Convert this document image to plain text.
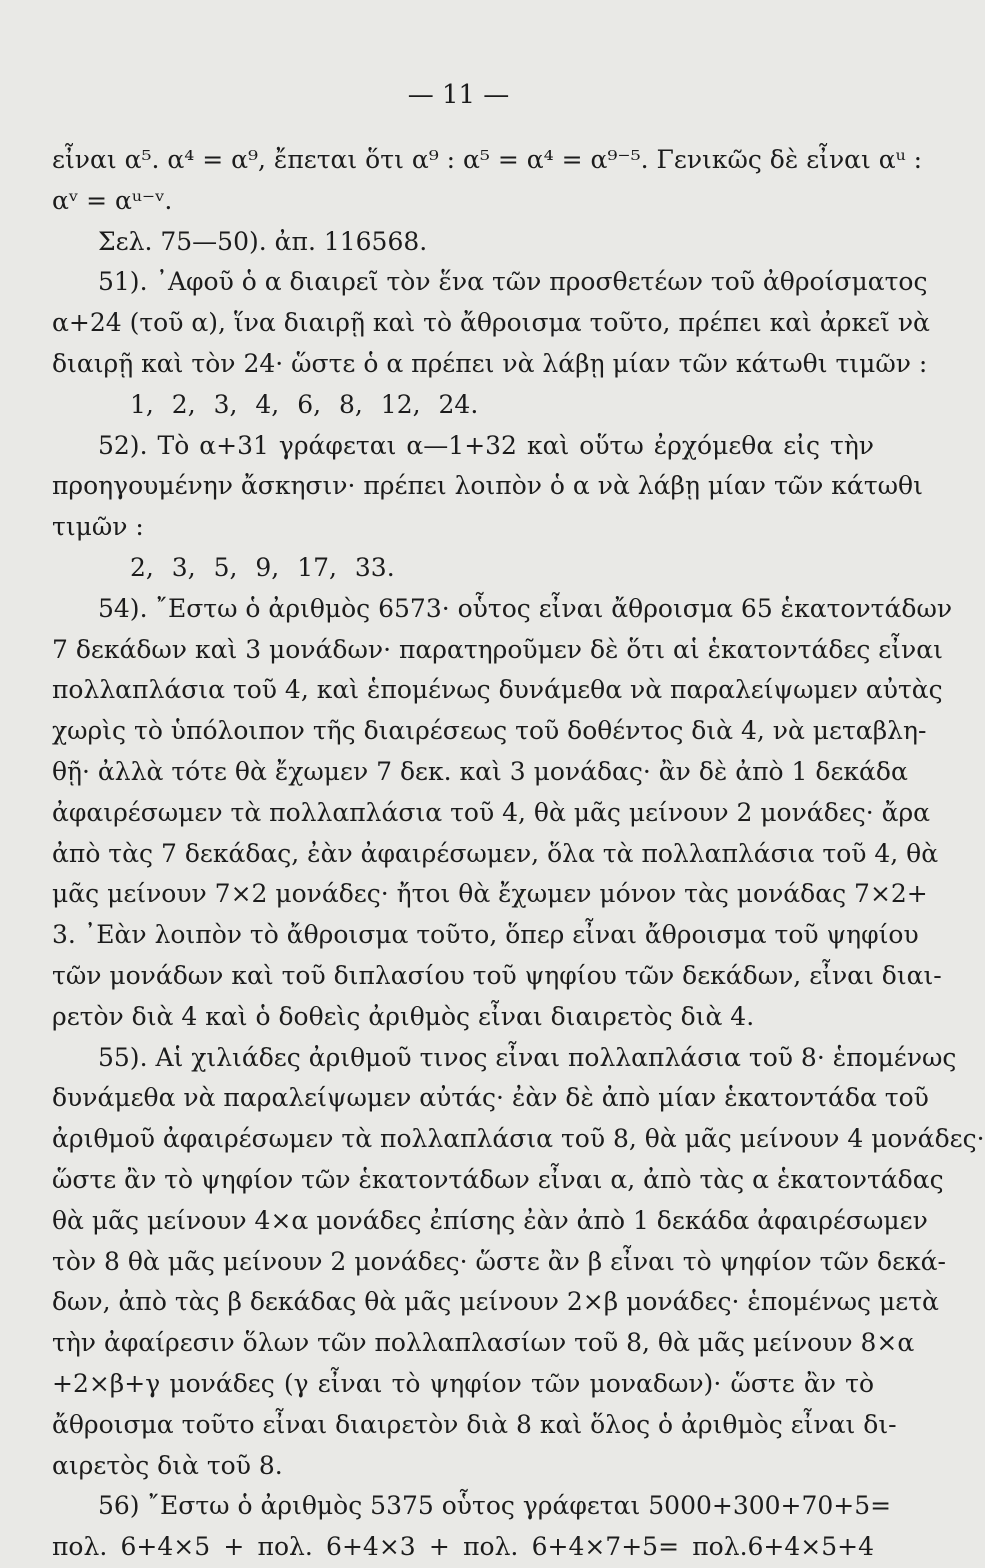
— 11 —
εἶναι α⁵. α⁴ = α⁹, ἔπεται ὅτι α⁹ : α⁵ = α⁴ = α⁹⁻⁵. Γενικῶς δὲ εἶναι αᵘ :
αᵛ = αᵘ⁻ᵛ.
Σελ. 75—50). ἀπ. 116568.
51). ᾿Αφοῦ ὁ α διαιρεῖ τὸν ἕνα τῶν προσθετέων τοῦ ἀθροίσματος
α+24 (τοῦ α), ἵνα διαιρῇ καὶ τὸ ἄθροισμα τοῦτο, πρέπει καὶ ἀρκεῖ νὰ
διαιρῇ καὶ τὸν 24· ὥστε ὁ α πρέπει νὰ λάβῃ μίαν τῶν κάτωθι τιμῶν :
1, 2, 3, 4, 6, 8, 12, 24.
52). Τὸ α+31 γράφεται α—1+32 καὶ οὕτω ἐρχόμεθα εἰς τὴν
προηγουμένην ἄσκησιν· πρέπει λοιπὸν ὁ α νὰ λάβῃ μίαν τῶν κάτωθι
τιμῶν :
2, 3, 5, 9, 17, 33.
54). ῎Εστω ὁ ἀριθμὸς 6573· οὗτος εἶναι ἄθροισμα 65 ἑκατοντάδων
7 δεκάδων καὶ 3 μονάδων· παρατηροῦμεν δὲ ὅτι αἱ ἑκατοντάδες εἶναι
πολλαπλάσια τοῦ 4, καὶ ἑπομένως δυνάμεθα νὰ παραλείψωμεν αὐτὰς
χωρὶς τὸ ὑπόλοιπον τῆς διαιρέσεως τοῦ δοθέντος διὰ 4, νὰ μεταβλη-
θῇ· ἀλλὰ τότε θὰ ἔχωμεν 7 δεκ. καὶ 3 μονάδας· ἂν δὲ ἀπὸ 1 δεκάδα
ἀφαιρέσωμεν τὰ πολλαπλάσια τοῦ 4, θὰ μᾶς μείνουν 2 μονάδες· ἄρα
ἀπὸ τὰς 7 δεκάδας, ἐὰν ἀφαιρέσωμεν, ὅλα τὰ πολλαπλάσια τοῦ 4, θὰ
μᾶς μείνουν 7×2 μονάδες· ἤτοι θὰ ἔχωμεν μόνον τὰς μονάδας 7×2+
3. ᾿Εὰν λοιπὸν τὸ ἄθροισμα τοῦτο, ὅπερ εἶναι ἄθροισμα τοῦ ψηφίου
τῶν μονάδων καὶ τοῦ διπλασίου τοῦ ψηφίου τῶν δεκάδων, εἶναι διαι-
ρετὸν διὰ 4 καὶ ὁ δοθεὶς ἀριθμὸς εἶναι διαιρετὸς διὰ 4.
55). Αἱ χιλιάδες ἀριθμοῦ τινος εἶναι πολλαπλάσια τοῦ 8· ἑπομένως
δυνάμεθα νὰ παραλείψωμεν αὐτάς· ἐὰν δὲ ἀπὸ μίαν ἑκατοντάδα τοῦ
ἀριθμοῦ ἀφαιρέσωμεν τὰ πολλαπλάσια τοῦ 8, θὰ μᾶς μείνουν 4 μονάδες·
ὥστε ἂν τὸ ψηφίον τῶν ἑκατοντάδων εἶναι α, ἀπὸ τὰς α ἑκατοντάδας
θὰ μᾶς μείνουν 4×α μονάδες ἐπίσης ἐὰν ἀπὸ 1 δεκάδα ἀφαιρέσωμεν
τὸν 8 θὰ μᾶς μείνουν 2 μονάδες· ὥστε ἂν β εἶναι τὸ ψηφίον τῶν δεκά-
δων, ἀπὸ τὰς β δεκάδας θὰ μᾶς μείνουν 2×β μονάδες· ἑπομένως μετὰ
τὴν ἀφαίρεσιν ὅλων τῶν πολλαπλασίων τοῦ 8, θὰ μᾶς μείνουν 8×α
+2×β+γ μονάδες (γ εἶναι τὸ ψηφίον τῶν μοναδων)· ὥστε ἂν τὸ
ἄθροισμα τοῦτο εἶναι διαιρετὸν διὰ 8 καὶ ὅλος ὁ ἀριθμὸς εἶναι δι-
αιρετὸς διὰ τοῦ 8.
56) ῎Εστω ὁ ἀριθμὸς 5375 οὗτος γράφεται 5000+300+70+5=
πολ. 6+4×5 + πολ. 6+4×3 + πολ. 6+4×7+5= πολ.6+4×5+4
